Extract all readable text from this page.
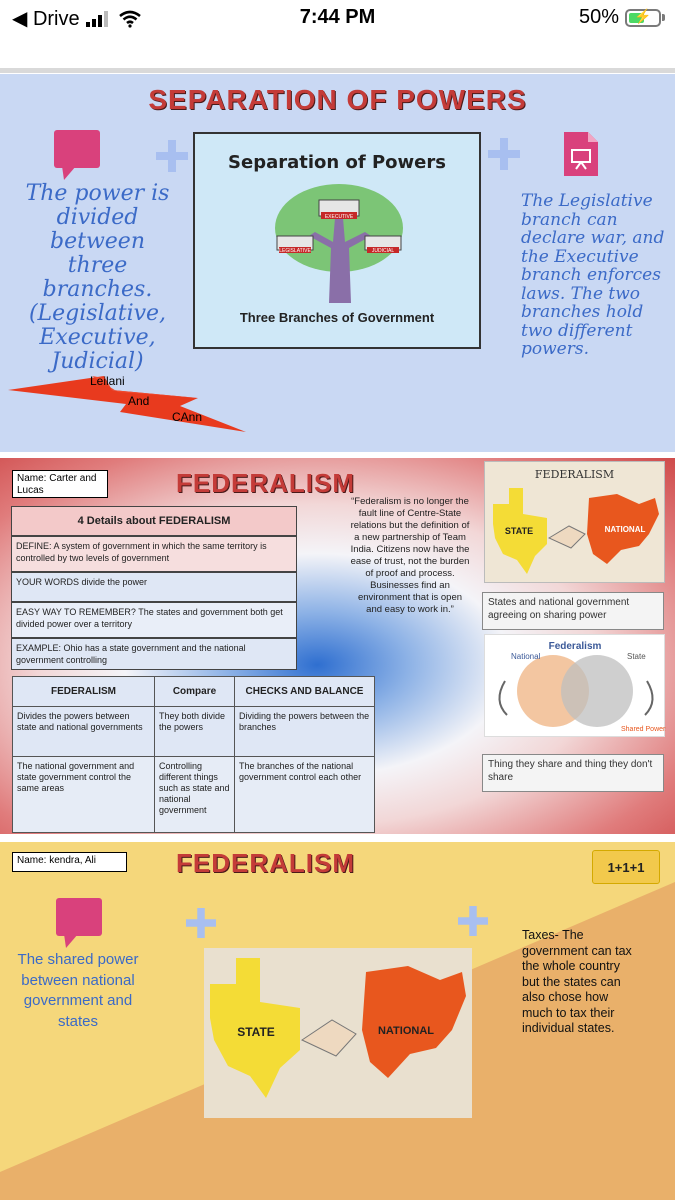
◀ Drive	7:44 PM	50%	⚡
SEPARATION OF POWERS
The power is divided between three branches. (Legislative, Executive, Judicial)
Separation of Powers
EXECUTIVE
LEGISLATIVE	JUDICIAL
Three Branches of Government
The Legislative branch can declare war, and the Executive branch enforces laws. The two branches hold two different powers.
Leilani
And
CAnn
Name: Carter and Lucas	FEDERALISM
4 Details about FEDERALISM
DEFINE: A system of government in which the same territory is controlled by two levels of government
YOUR WORDS divide the power
EASY WAY TO REMEMBER? The states and government both get divided power over a territory
EXAMPLE: Ohio has a state government and the national government controlling
“Federalism is no longer the fault line of Centre-State relations but the definition of a new partnership of Team India. Citizens now have the ease of trust, not the burden of proof and process. Businesses find an environment that is open and easy to work in.”
FEDERALISM	Compare	CHECKS AND BALANCE
Divides the powers between state and national governments	They both divide the powers	Dividing the powers between the branches
The national government and state government control the same areas	Controlling different things such as state and national government	The branches of the national government control each other
FEDERALISM
STATE	NATIONAL
States and national government agreeing on sharing power
Federalism
National	State
Shared Powers
Thing they share and thing they don't share
Name: kendra, Ali	FEDERALISM	1+1+1
The shared power between national government and states
STATE	NATIONAL
Taxes- The government can tax the whole country but the states can also chose how much to tax their individual states.
